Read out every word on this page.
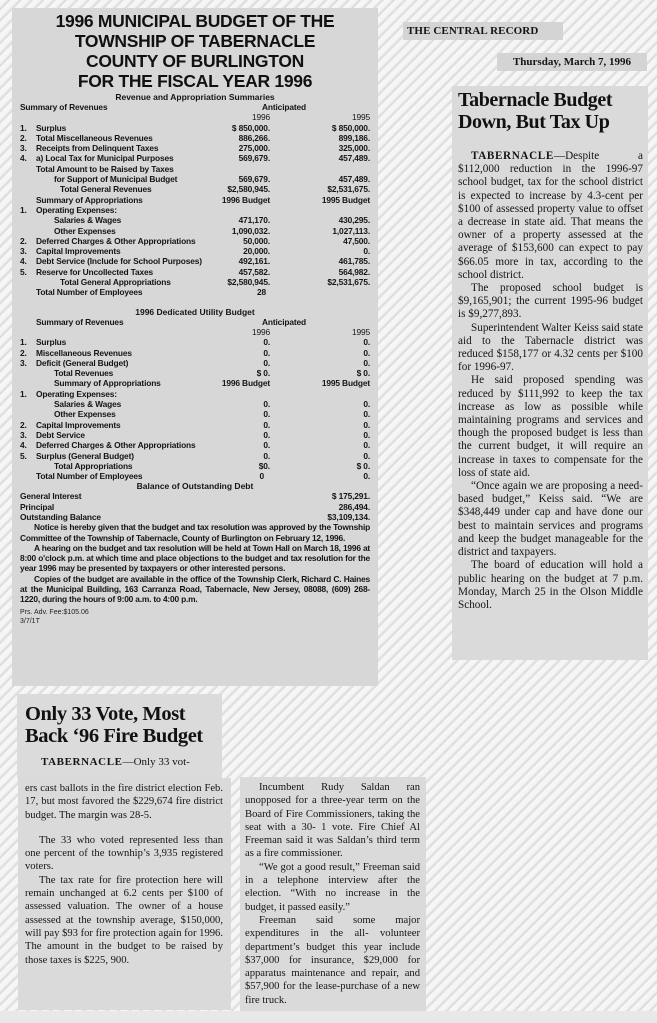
1996 MUNICIPAL BUDGET OF THE
TOWNSHIP OF TABERNACLE
COUNTY OF BURLINGTON
FOR THE FISCAL YEAR 1996
Revenue and Appropriation Summaries
Summary of Revenues	Anticipated
1996	1995
1.	Surplus	$ 850,000.	$ 850,000.
2.	Total Miscellaneous Revenues	886,266.	899,186.
3.	Receipts from Delinquent Taxes	275,000.	325,000.
4.	a) Local Tax for Municipal Purposes	569,679.	457,489.
Total Amount to be Raised by Taxes
for Support of Municipal Budget	569,679.	457,489.
Total General Revenues	$2,580,945.	$2,531,675.
Summary of Appropriations	1996 Budget	1995 Budget
1.	Operating Expenses:
Salaries & Wages	471,170.	430,295.
Other Expenses	1,090,032.	1,027,113.
2.	Deferred Charges & Other Appropriations	50,000.	47,500.
3.	Capital Improvements	20,000.	0.
4.	Debt Service (Include for School Purposes)	492,161.	461,785.
5.	Reserve for Uncollected Taxes	457,582.	564,982.
Total General Appropriations	$2,580,945.	$2,531,675.
Total Number of Employees	28
1996 Dedicated Utility Budget
Summary of Revenues	Anticipated
1996	1995
1.	Surplus	0.	0.
2.	Miscellaneous Revenues	0.	0.
3.	Deficit (General Budget)	0.	0.
Total Revenues	$ 0.	$ 0.
Summary of Appropriations	1996 Budget	1995 Budget
1.	Operating Expenses:
Salaries & Wages	0.	0.
Other Expenses	0.	0.
2.	Capital Improvements	0.	0.
3.	Debt Service	0.	0.
4.	Deferred Charges & Other Appropriations	0.	0.
5.	Surplus (General Budget)	0.	0.
Total Appropriations	$0.	$ 0.
Total Number of Employees	0	0.
Balance of Outstanding Debt
General Interest	$ 175,291.
Principal	286,494.
Outstanding Balance	$3,109,134.
Notice is hereby given that the budget and tax resolution was approved by the Township Committee of the Township of Tabernacle, County of Burlington on February 12, 1996.
A hearing on the budget and tax resolution will be held at Town Hall on March 18, 1996 at 8:00 o'clock p.m. at which time and place objections to the budget and tax resolution for the year 1996 may be presented by taxpayers or other interested persons.
Copies of the budget are available in the office of the Township Clerk, Richard C. Haines at the Municipal Building, 163 Carranza Road, Tabernacle, New Jersey, 08088, (609) 268-1220, during the hours of 9:00 a.m. to 4:00 p.m.
Prs. Adv. Fee:$105.06
3/7/1T
THE CENTRAL RECORD
Thursday, March 7, 1996
Tabernacle Budget
Down, But Tax Up

TABERNACLE—Despite a $112,000 reduction in the 1996-97 school budget, tax for the school district is expected to increase by 4.3-cent per $100 of assessed property value to offset a decrease in state aid. That means the owner of a property assessed at the average of $153,600 can expect to pay $66.05 more in tax, according to the school district.

The proposed school budget is $9,165,901; the current 1995-96 budget is $9,277,893.

Superintendent Walter Keiss said state aid to the Tabernacle district was reduced $158,177 or 4.32 cents per $100 for 1996-97.

He said proposed spending was reduced by $111,992 to keep the tax increase as low as possible while maintaining programs and services and though the proposed budget is less than the current budget, it will require an increase in taxes to compensate for the loss of state aid.

“Once again we are proposing a need-based budget,” Keiss said. “We are $348,449 under cap and have done our best to maintain services and programs and keep the budget manageable for the district and taxpayers.

The board of education will hold a public hearing on the budget at 7 p.m. Monday, March 25 in the Olson Middle School.

Only 33 Vote, Most
Back ‘96 Fire Budget
TABERNACLE—Only 33 vot-

ers cast ballots in the fire district election Feb. 17, but most favored the $229,674 fire district budget. The margin was 28-5.

The 33 who voted represented less than one percent of the townhip’s 3,935 registered voters.

The tax rate for fire protection here will remain unchanged at 6.2 cents per $100 of assessed valuation. The owner of a house assessed at the township average, $150,000, will pay $93 for fire protection again for 1996. The amount in the budget to be raised by those taxes is $225, 900.

Incumbent Rudy Saldan ran unopposed for a three-year term on the Board of Fire Commissioners, taking the seat with a 30- 1 vote. Fire Chief Al Freeman said it was Saldan’s third term as a fire commissioner.

“We got a good result,” Freeman said in a telephone interview after the election. “With no increase in the budget, it passed easily.”

Freeman said some major expenditures in the all- volunteer department’s budget this year include $37,000 for insurance, $29,000 for apparatus maintenance and repair, and $57,900 for the lease-purchase of a new fire truck.
